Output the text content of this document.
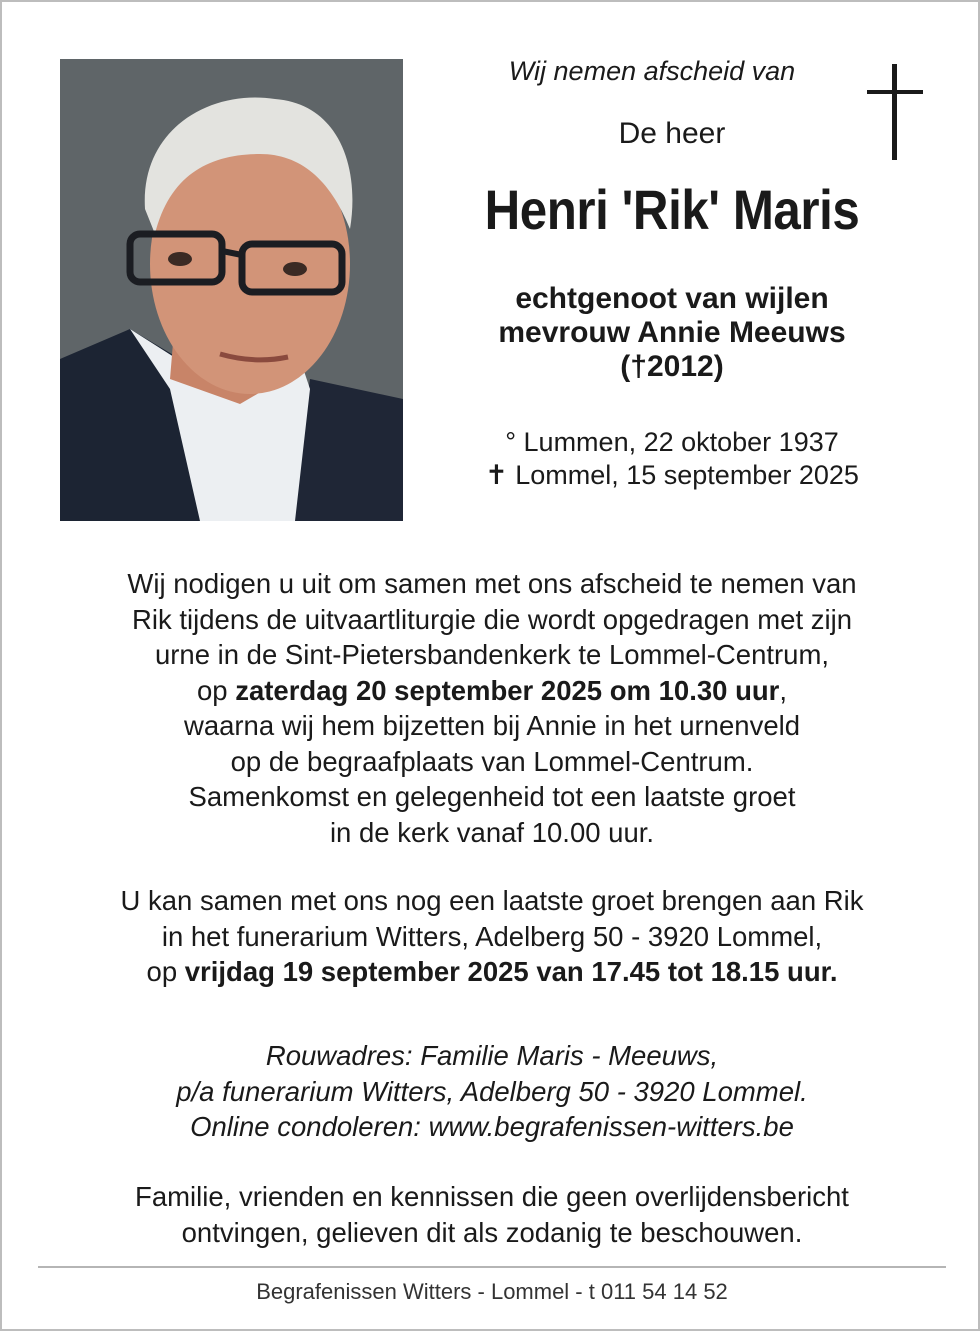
Wij nemen afscheid van
De heer
Henri 'Rik' Maris
echtgenoot van wijlen
mevrouw Annie Meeuws
(†2012)
° Lummen, 22 oktober 1937
✝ Lommel, 15 september 2025
Wij nodigen u uit om samen met ons afscheid te nemen van
Rik tijdens de uitvaartliturgie die wordt opgedragen met zijn
urne in de Sint-Pietersbandenkerk te Lommel-Centrum,
op zaterdag 20 september 2025 om 10.30 uur,
waarna wij hem bijzetten bij Annie in het urnenveld
op de begraafplaats van Lommel-Centrum.
Samenkomst en gelegenheid tot een laatste groet
in de kerk vanaf 10.00 uur.
U kan samen met ons nog een laatste groet brengen aan Rik
in het funerarium Witters, Adelberg 50 - 3920 Lommel,
op vrijdag 19 september 2025 van 17.45 tot 18.15 uur.
Rouwadres: Familie Maris - Meeuws,
p/a funerarium Witters, Adelberg 50 - 3920 Lommel.
Online condoleren: www.begrafenissen-witters.be
Familie, vrienden en kennissen die geen overlijdensbericht
ontvingen, gelieven dit als zodanig te beschouwen.
Begrafenissen Witters - Lommel - t 011 54 14 52
